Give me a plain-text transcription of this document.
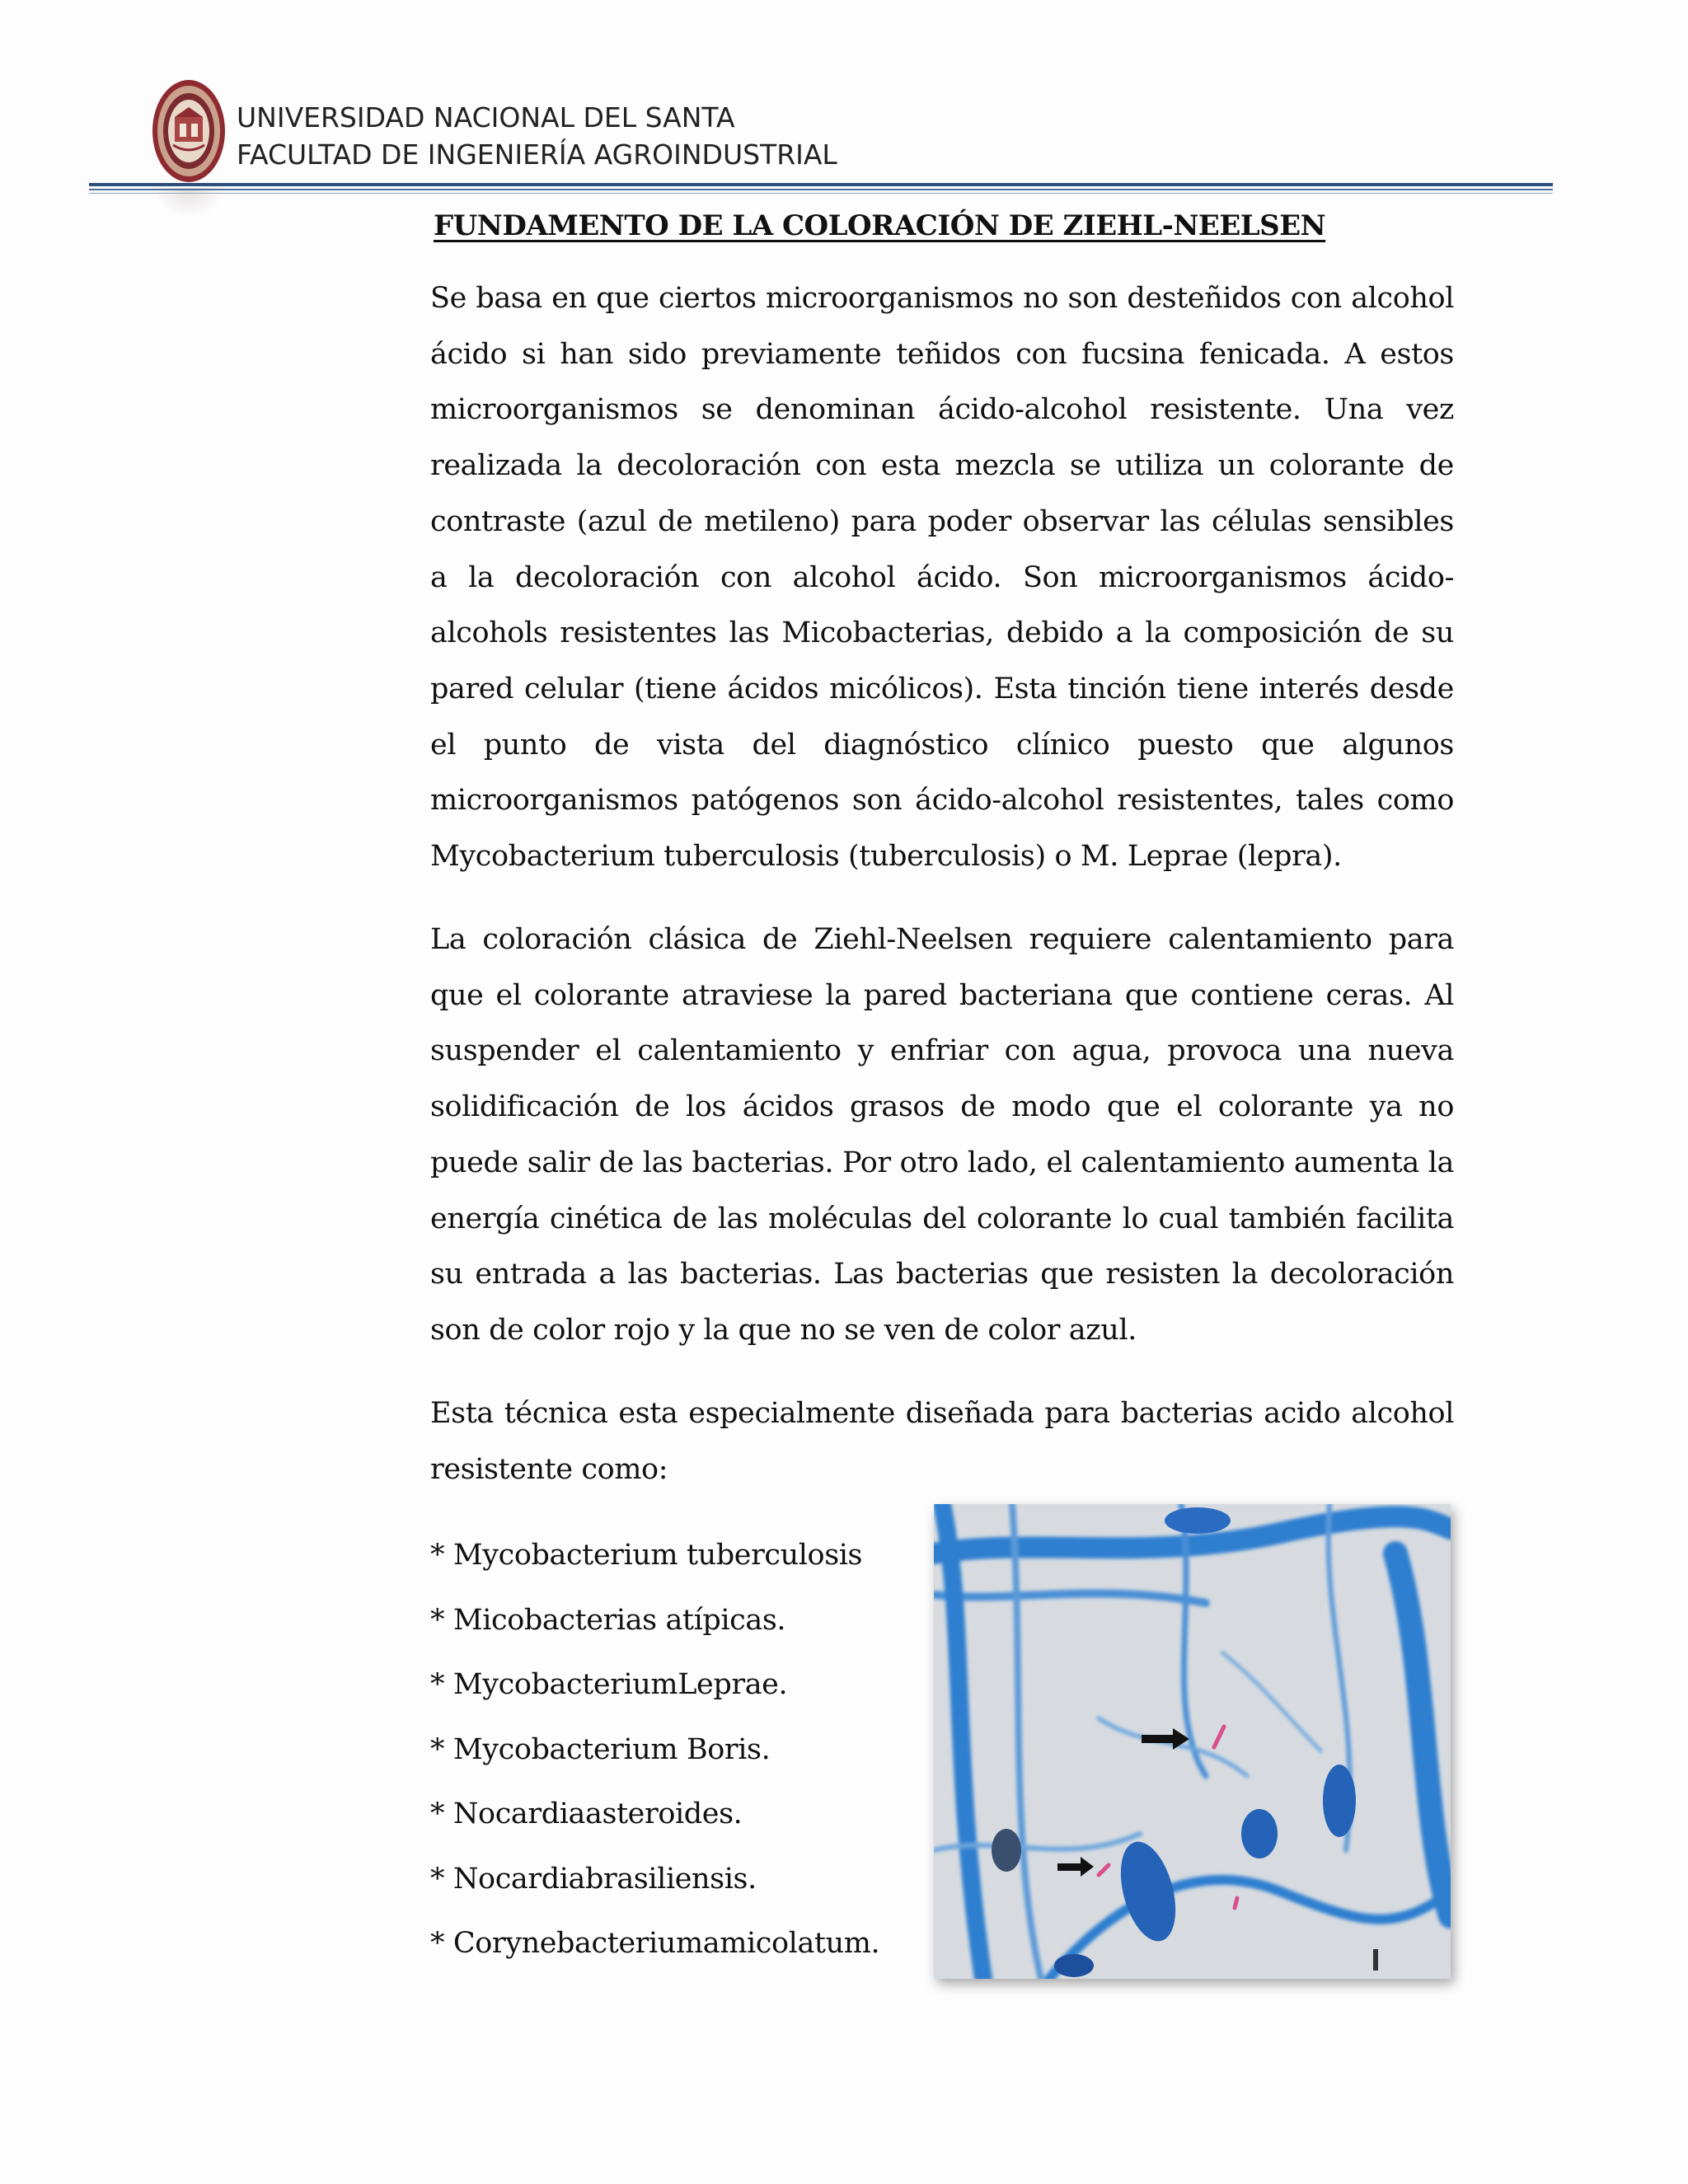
UNIVERSIDAD NACIONAL DEL SANTA
FACULTAD DE INGENIERÍA AGROINDUSTRIAL
FUNDAMENTO DE LA COLORACIÓN DE ZIEHL-NEELSEN

Se basa en que ciertos microorganismos no son desteñidos con alcohol ácido si han sido previamente teñidos con fucsina fenicada. A estos microorganismos se denominan ácido-alcohol resistente. Una vez realizada la decoloración con esta mezcla se utiliza un colorante de contraste (azul de metileno) para poder observar las células sensibles a la decoloración con alcohol ácido. Son microorganismos ácido-alcohols resistentes las Micobacterias, debido a la composición de su pared celular (tiene ácidos micólicos). Esta tinción tiene interés desde el punto de vista del diagnóstico clínico puesto que algunos microorganismos patógenos son ácido-alcohol resistentes, tales como Mycobacterium tuberculosis (tuberculosis) o M. Leprae (lepra).

La coloración clásica de Ziehl-Neelsen requiere calentamiento para que el colorante atraviese la pared bacteriana que contiene ceras. Al suspender el calentamiento y enfriar con agua, provoca una nueva solidificación de los ácidos grasos de modo que el colorante ya no puede salir de las bacterias. Por otro lado, el calentamiento aumenta la energía cinética de las moléculas del colorante lo cual también facilita su entrada a las bacterias. Las bacterias que resisten la decoloración son de color rojo y la que no se ven de color azul.

Esta técnica esta especialmente diseñada para bacterias acido alcohol resistente como:

* Mycobacterium tuberculosis
* Micobacterias atípicas.
* MycobacteriumLeprae.
* Mycobacterium Boris.
* Nocardiaasteroides.
* Nocardiabrasiliensis.
* Corynebacteriumamicolatum.
